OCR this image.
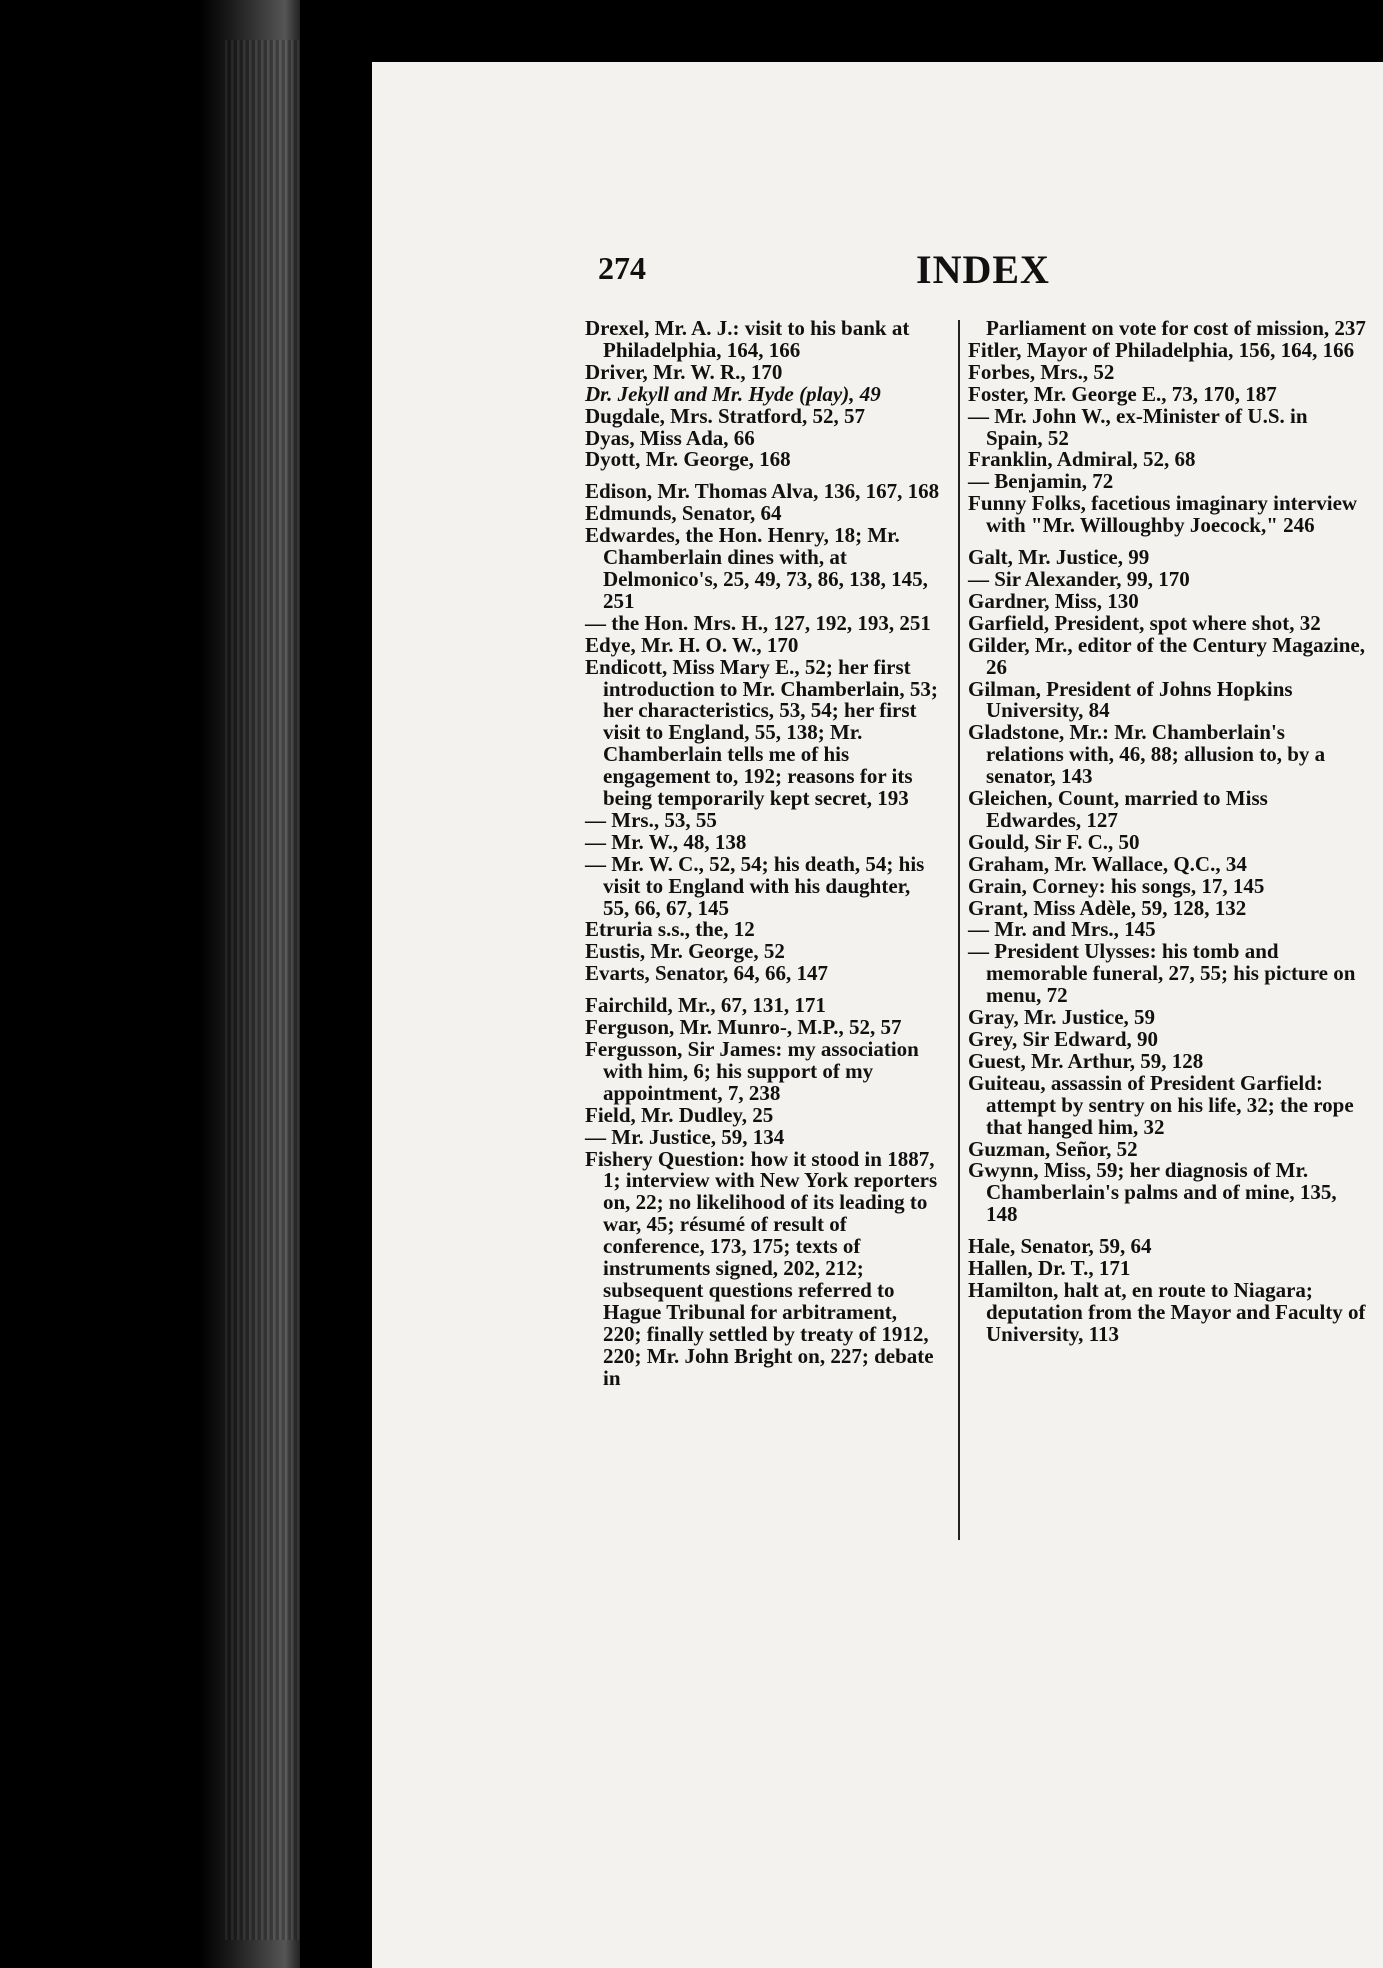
274	INDEX
Drexel, Mr. A. J.: visit to his bank at Philadelphia, 164, 166
Driver, Mr. W. R., 170
Dr. Jekyll and Mr. Hyde (play), 49
Dugdale, Mrs. Stratford, 52, 57
Dyas, Miss Ada, 66
Dyott, Mr. George, 168
Edison, Mr. Thomas Alva, 136, 167, 168
Edmunds, Senator, 64
Edwardes, the Hon. Henry, 18; Mr. Chamberlain dines with, at Delmonico's, 25, 49, 73, 86, 138, 145, 251
— the Hon. Mrs. H., 127, 192, 193, 251
Edye, Mr. H. O. W., 170
Endicott, Miss Mary E., 52; her first introduction to Mr. Chamberlain, 53; her characteristics, 53, 54; her first visit to England, 55, 138; Mr. Chamberlain tells me of his engagement to, 192; reasons for its being temporarily kept secret, 193
— Mrs., 53, 55
— Mr. W., 48, 138
— Mr. W. C., 52, 54; his death, 54; his visit to England with his daughter, 55, 66, 67, 145
Etruria s.s., the, 12
Eustis, Mr. George, 52
Evarts, Senator, 64, 66, 147
Fairchild, Mr., 67, 131, 171
Ferguson, Mr. Munro-, M.P., 52, 57
Fergusson, Sir James: my association with him, 6; his support of my appointment, 7, 238
Field, Mr. Dudley, 25
— Mr. Justice, 59, 134
Fishery Question: how it stood in 1887, 1; interview with New York reporters on, 22; no likelihood of its leading to war, 45; résumé of result of conference, 173, 175; texts of instruments signed, 202, 212; subsequent questions referred to Hague Tribunal for arbitrament, 220; finally settled by treaty of 1912, 220; Mr. John Bright on, 227; debate in
Parliament on vote for cost of mission, 237
Fitler, Mayor of Philadelphia, 156, 164, 166
Forbes, Mrs., 52
Foster, Mr. George E., 73, 170, 187
— Mr. John W., ex-Minister of U.S. in Spain, 52
Franklin, Admiral, 52, 68
— Benjamin, 72
Funny Folks, facetious imaginary interview with "Mr. Willoughby Joecock," 246
Galt, Mr. Justice, 99
— Sir Alexander, 99, 170
Gardner, Miss, 130
Garfield, President, spot where shot, 32
Gilder, Mr., editor of the Century Magazine, 26
Gilman, President of Johns Hopkins University, 84
Gladstone, Mr.: Mr. Chamberlain's relations with, 46, 88; allusion to, by a senator, 143
Gleichen, Count, married to Miss Edwardes, 127
Gould, Sir F. C., 50
Graham, Mr. Wallace, Q.C., 34
Grain, Corney: his songs, 17, 145
Grant, Miss Adèle, 59, 128, 132
— Mr. and Mrs., 145
— President Ulysses: his tomb and memorable funeral, 27, 55; his picture on menu, 72
Gray, Mr. Justice, 59
Grey, Sir Edward, 90
Guest, Mr. Arthur, 59, 128
Guiteau, assassin of President Garfield: attempt by sentry on his life, 32; the rope that hanged him, 32
Guzman, Señor, 52
Gwynn, Miss, 59; her diagnosis of Mr. Chamberlain's palms and of mine, 135, 148
Hale, Senator, 59, 64
Hallen, Dr. T., 171
Hamilton, halt at, en route to Niagara; deputation from the Mayor and Faculty of University, 113
